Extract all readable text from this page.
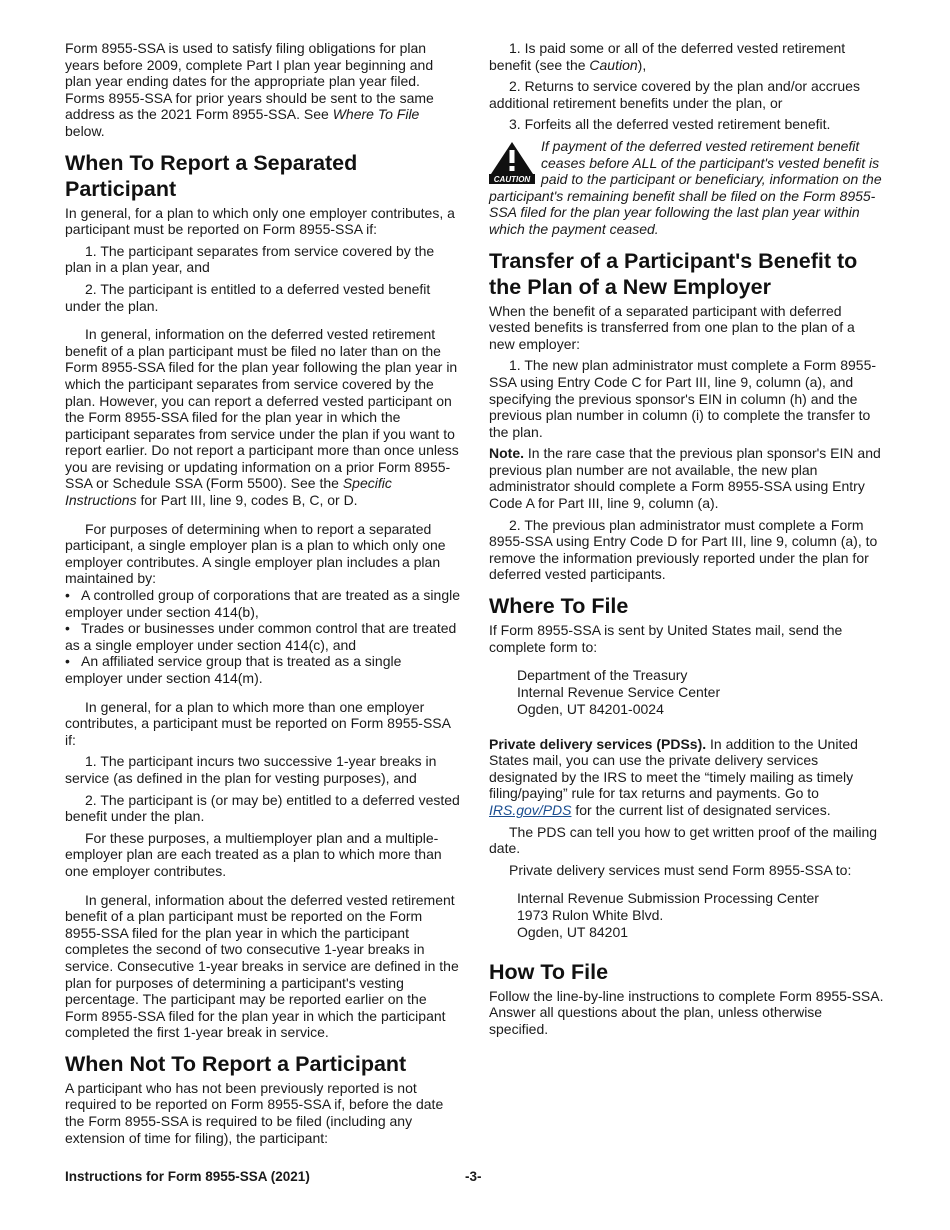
Form 8955-SSA is used to satisfy filing obligations for plan years before 2009, complete Part I plan year beginning and plan year ending dates for the appropriate plan year filed. Forms 8955-SSA for prior years should be sent to the same address as the 2021 Form 8955-SSA. See Where To File below.

When To Report a Separated Participant

In general, for a plan to which only one employer contributes, a participant must be reported on Form 8955-SSA if:

1. The participant separates from service covered by the plan in a plan year, and

2. The participant is entitled to a deferred vested benefit under the plan.

In general, information on the deferred vested retirement benefit of a plan participant must be filed no later than on the Form 8955-SSA filed for the plan year following the plan year in which the participant separates from service covered by the plan. However, you can report a deferred vested participant on the Form 8955-SSA filed for the plan year in which the participant separates from service under the plan if you want to report earlier. Do not report a participant more than once unless you are revising or updating information on a prior Form 8955-SSA or Schedule SSA (Form 5500). See the Specific Instructions for Part III, line 9, codes B, C, or D.

For purposes of determining when to report a separated participant, a single employer plan is a plan to which only one employer contributes. A single employer plan includes a plan maintained by:

• A controlled group of corporations that are treated as a single employer under section 414(b),
• Trades or businesses under common control that are treated as a single employer under section 414(c), and
• An affiliated service group that is treated as a single employer under section 414(m).

In general, for a plan to which more than one employer contributes, a participant must be reported on Form 8955-SSA if:

1. The participant incurs two successive 1-year breaks in service (as defined in the plan for vesting purposes), and

2. The participant is (or may be) entitled to a deferred vested benefit under the plan.

For these purposes, a multiemployer plan and a multiple-employer plan are each treated as a plan to which more than one employer contributes.

In general, information about the deferred vested retirement benefit of a plan participant must be reported on the Form 8955-SSA filed for the plan year in which the participant completes the second of two consecutive 1-year breaks in service. Consecutive 1-year breaks in service are defined in the plan for purposes of determining a participant's vesting percentage. The participant may be reported earlier on the Form 8955-SSA filed for the plan year in which the participant completed the first 1-year break in service.

When Not To Report a Participant

A participant who has not been previously reported is not required to be reported on Form 8955-SSA if, before the date the Form 8955-SSA is required to be filed (including any extension of time for filing), the participant:

1. Is paid some or all of the deferred vested retirement benefit (see the Caution),

2. Returns to service covered by the plan and/or accrues additional retirement benefits under the plan, or

3. Forfeits all the deferred vested retirement benefit.

CAUTION
If payment of the deferred vested retirement benefit ceases before ALL of the participant's vested benefit is paid to the participant or beneficiary, information on the participant's remaining benefit shall be filed on the Form 8955-SSA filed for the plan year following the last plan year within which the payment ceased.
Transfer of a Participant's Benefit to the Plan of a New Employer

When the benefit of a separated participant with deferred vested benefits is transferred from one plan to the plan of a new employer:

1. The new plan administrator must complete a Form 8955-SSA using Entry Code C for Part III, line 9, column (a), and specifying the previous sponsor's EIN in column (h) and the previous plan number in column (i) to complete the transfer to the plan.

Note. In the rare case that the previous plan sponsor's EIN and previous plan number are not available, the new plan administrator should complete a Form 8955-SSA using Entry Code A for Part III, line 9, column (a).

2. The previous plan administrator must complete a Form 8955-SSA using Entry Code D for Part III, line 9, column (a), to remove the information previously reported under the plan for deferred vested participants.

Where To File

If Form 8955-SSA is sent by United States mail, send the complete form to:

Department of the Treasury
Internal Revenue Service Center
Ogden, UT 84201-0024

Private delivery services (PDSs). In addition to the United States mail, you can use the private delivery services designated by the IRS to meet the “timely mailing as timely filing/paying” rule for tax returns and payments. Go to IRS.gov/PDS for the current list of designated services.

The PDS can tell you how to get written proof of the mailing date.

Private delivery services must send Form 8955-SSA to:

Internal Revenue Submission Processing Center
1973 Rulon White Blvd.
Ogden, UT 84201
How To File

Follow the line-by-line instructions to complete Form 8955-SSA. Answer all questions about the plan, unless otherwise specified.

Instructions for Form 8955-SSA (2021)	-3-
